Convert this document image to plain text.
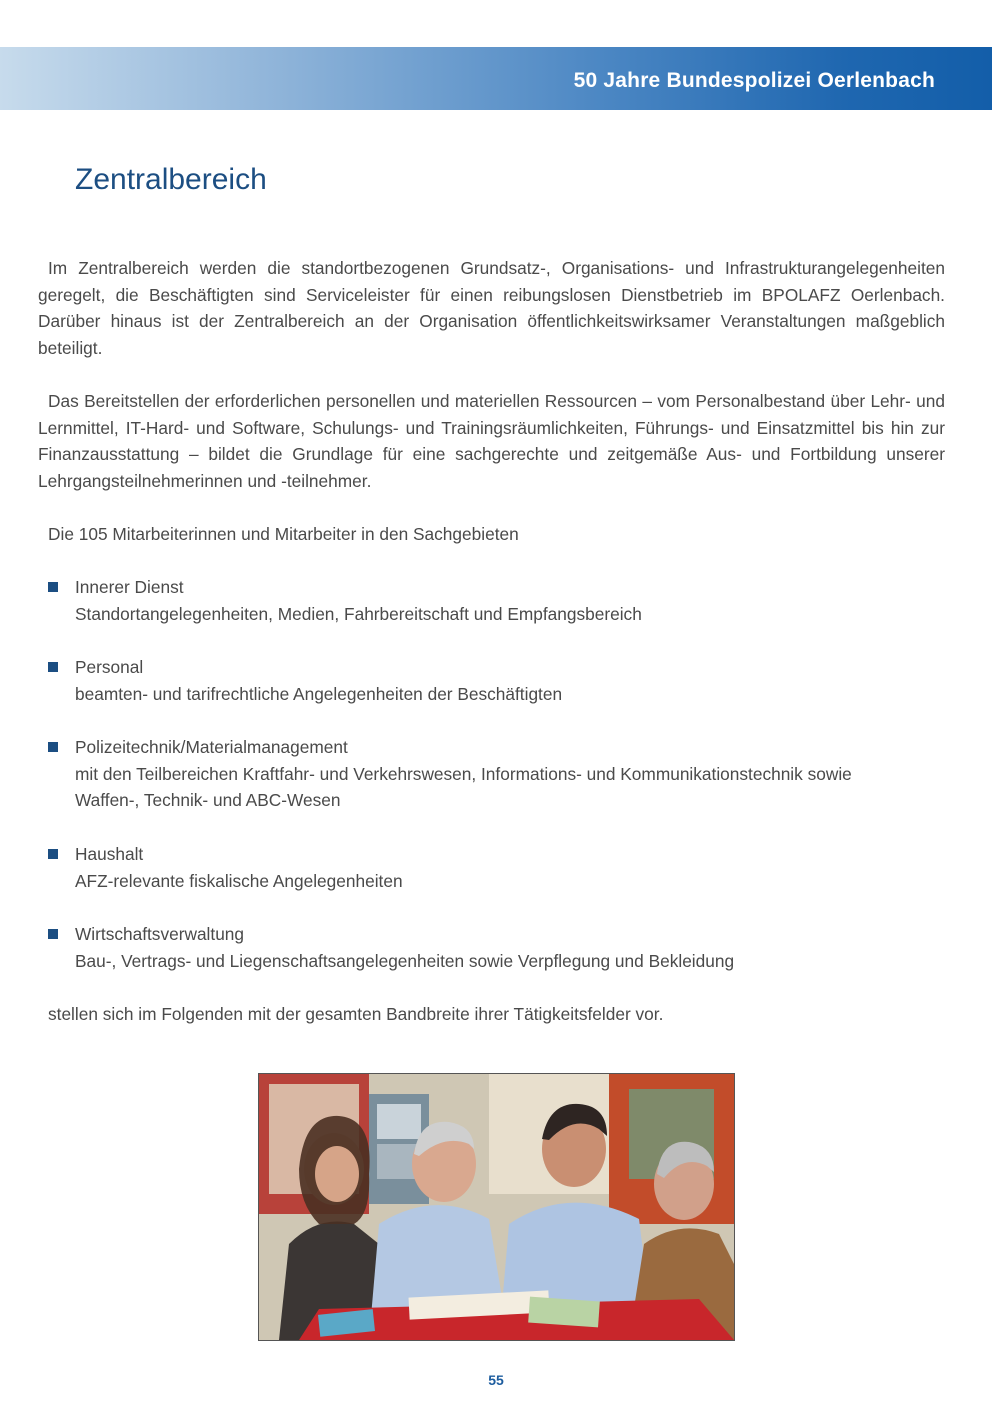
50 Jahre Bundespolizei Oerlenbach
Zentralbereich

Im Zentralbereich werden die standortbezogenen Grundsatz-, Organisations- und Infrastrukturangelegenheiten geregelt, die Beschäftigten sind Serviceleister für einen reibungslosen Dienstbetrieb im BPOLAFZ Oerlenbach. Darüber hinaus ist der Zentralbereich an der Organisation öffentlichkeitswirksamer Veranstaltungen maßgeblich beteiligt.

Das Bereitstellen der erforderlichen personellen und materiellen Ressourcen – vom Personalbestand über Lehr- und Lernmittel, IT-Hard- und Software, Schulungs- und Trainingsräumlichkeiten, Führungs- und Einsatzmittel bis hin zur Finanzausstattung – bildet die Grundlage für eine sachgerechte und zeitgemäße Aus- und Fortbildung unserer Lehrgangsteilnehmerinnen und -teilnehmer.

Die 105 Mitarbeiterinnen und Mitarbeiter in den Sachgebieten

Innerer Dienst
Standortangelegenheiten, Medien, Fahrbereitschaft und Empfangsbereich
Personal
beamten- und tarifrechtliche Angelegenheiten der Beschäftigten
Polizeitechnik/Materialmanagement
mit den Teilbereichen Kraftfahr- und Verkehrswesen, Informations- und Kommunikationstechnik sowie Waffen-, Technik- und ABC-Wesen
Haushalt
AFZ-relevante fiskalische Angelegenheiten
Wirtschaftsverwaltung
Bau-, Vertrags- und Liegenschaftsangelegenheiten sowie Verpflegung und Bekleidung

stellen sich im Folgenden mit der gesamten Bandbreite ihrer Tätigkeitsfelder vor.

55
